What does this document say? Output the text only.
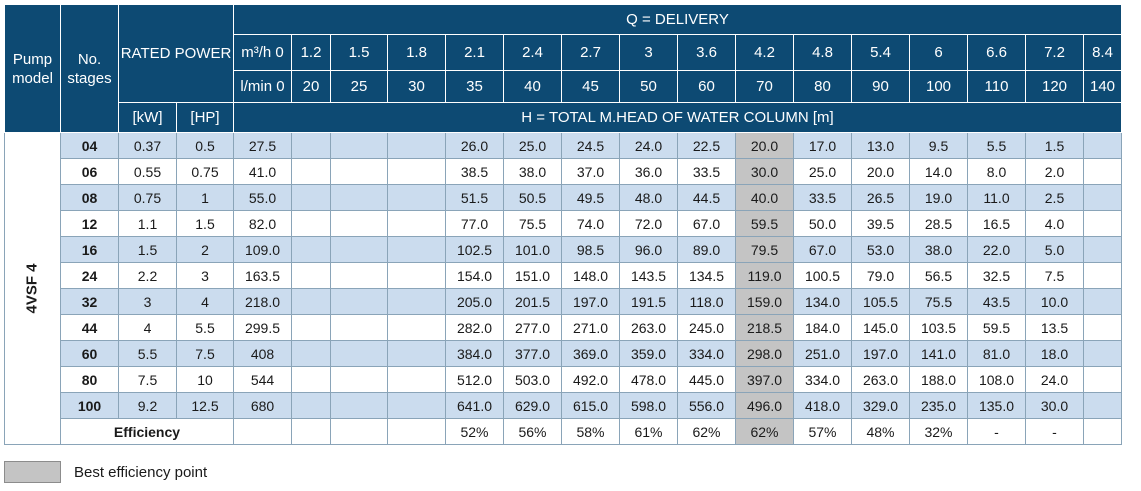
Pump model	No. stages	RATED POWER		Q = DELIVERY															
				m³/h 0	1.2	1.5	1.8	2.1	2.4	2.7	3	3.6	4.2	4.8	5.4	6	6.6	7.2	8.4
				l/min 0	20	25	30	35	40	45	50	60	70	80	90	100	110	120	140
		[kW]	[HP]	H = TOTAL M.HEAD OF WATER COLUMN [m]															
4VSF 4	04	0.37	0.5	27.5				26.0	25.0	24.5	24.0	22.5	20.0	17.0	13.0	9.5	5.5	1.5	
	06	0.55	0.75	41.0				38.5	38.0	37.0	36.0	33.5	30.0	25.0	20.0	14.0	8.0	2.0	
	08	0.75	1	55.0				51.5	50.5	49.5	48.0	44.5	40.0	33.5	26.5	19.0	11.0	2.5	
	12	1.1	1.5	82.0				77.0	75.5	74.0	72.0	67.0	59.5	50.0	39.5	28.5	16.5	4.0	
	16	1.5	2	109.0				102.5	101.0	98.5	96.0	89.0	79.5	67.0	53.0	38.0	22.0	5.0	
	24	2.2	3	163.5				154.0	151.0	148.0	143.5	134.5	119.0	100.5	79.0	56.5	32.5	7.5	
	32	3	4	218.0				205.0	201.5	197.0	191.5	118.0	159.0	134.0	105.5	75.5	43.5	10.0	
	44	4	5.5	299.5				282.0	277.0	271.0	263.0	245.0	218.5	184.0	145.0	103.5	59.5	13.5	
	60	5.5	7.5	408				384.0	377.0	369.0	359.0	334.0	298.0	251.0	197.0	141.0	81.0	18.0	
	80	7.5	10	544				512.0	503.0	492.0	478.0	445.0	397.0	334.0	263.0	188.0	108.0	24.0	
	100	9.2	12.5	680				641.0	629.0	615.0	598.0	556.0	496.0	418.0	329.0	235.0	135.0	30.0	
	Efficiency							52%	56%	58%	61%	62%	62%	57%	48%	32%	-	-	
Best efficiency point
